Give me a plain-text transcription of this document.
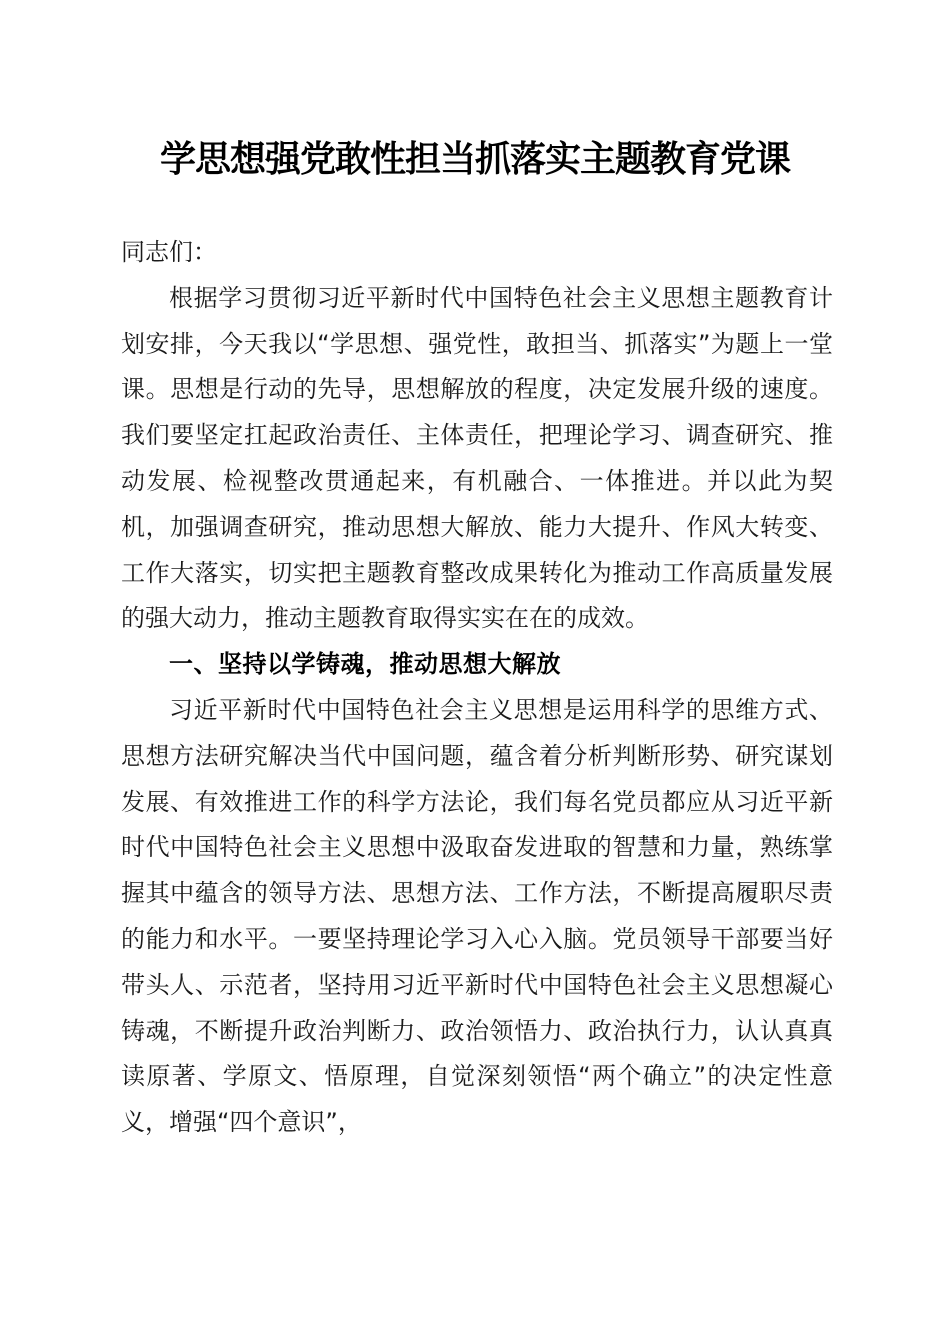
学思想强党敢性担当抓落实主题教育党课

同志们：

根据学习贯彻习近平新时代中国特色社会主义思想主题教育计划安排，今天我以“学思想、强党性，敢担当、抓落实”为题上一堂课。思想是行动的先导，思想解放的程度，决定发展升级的速度。我们要坚定扛起政治责任、主体责任，把理论学习、调查研究、推动发展、检视整改贯通起来，有机融合、一体推进。并以此为契机，加强调查研究，推动思想大解放、能力大提升、作风大转变、工作大落实，切实把主题教育整改成果转化为推动工作高质量发展的强大动力，推动主题教育取得实实在在的成效。

一、坚持以学铸魂，推动思想大解放

习近平新时代中国特色社会主义思想是运用科学的思维方式、思想方法研究解决当代中国问题，蕴含着分析判断形势、研究谋划发展、有效推进工作的科学方法论，我们每名党员都应从习近平新时代中国特色社会主义思想中汲取奋发进取的智慧和力量，熟练掌握其中蕴含的领导方法、思想方法、工作方法，不断提高履职尽责的能力和水平。一要坚持理论学习入心入脑。党员领导干部要当好带头人、示范者，坚持用习近平新时代中国特色社会主义思想凝心铸魂，不断提升政治判断力、政治领悟力、政治执行力，认认真真读原著、学原文、悟原理，自觉深刻领悟“两个确立”的决定性意义，增强“四个意识”，
